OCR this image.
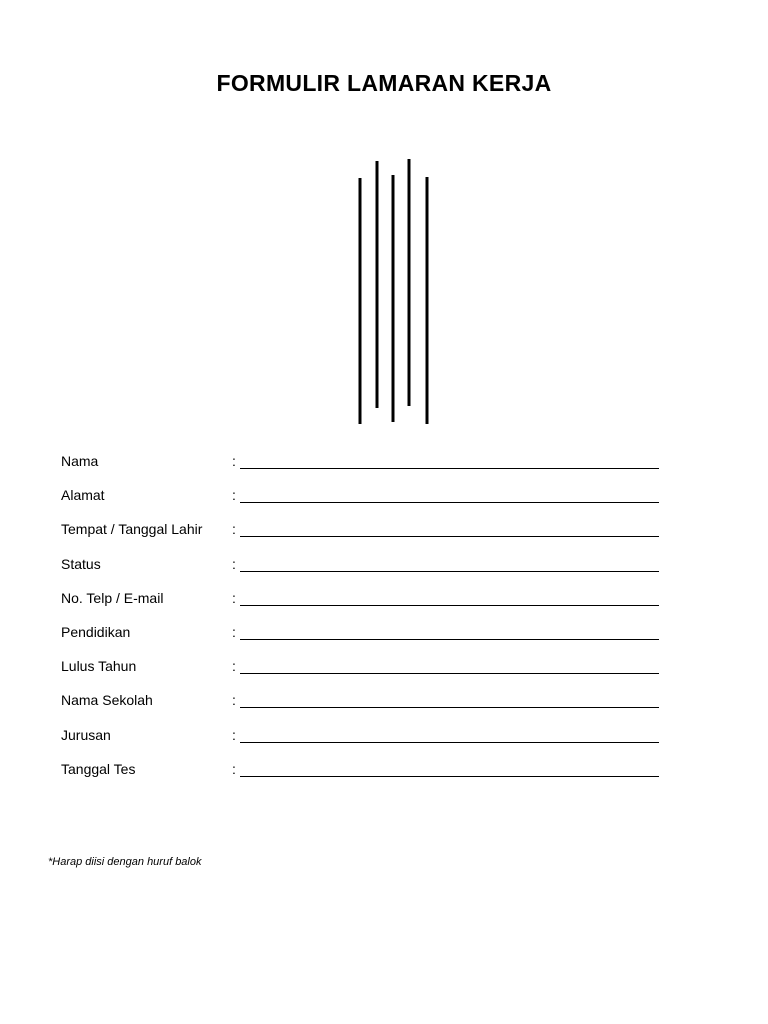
FORMULIR LAMARAN KERJA
Nama	:
Alamat	:
Tempat / Tanggal Lahir :
Status	:
No. Telp / E-mail	:
Pendidikan	:
Lulus Tahun	:
Nama Sekolah	:
Jurusan	:
Tanggal Tes	:

*Harap diisi dengan huruf balok
